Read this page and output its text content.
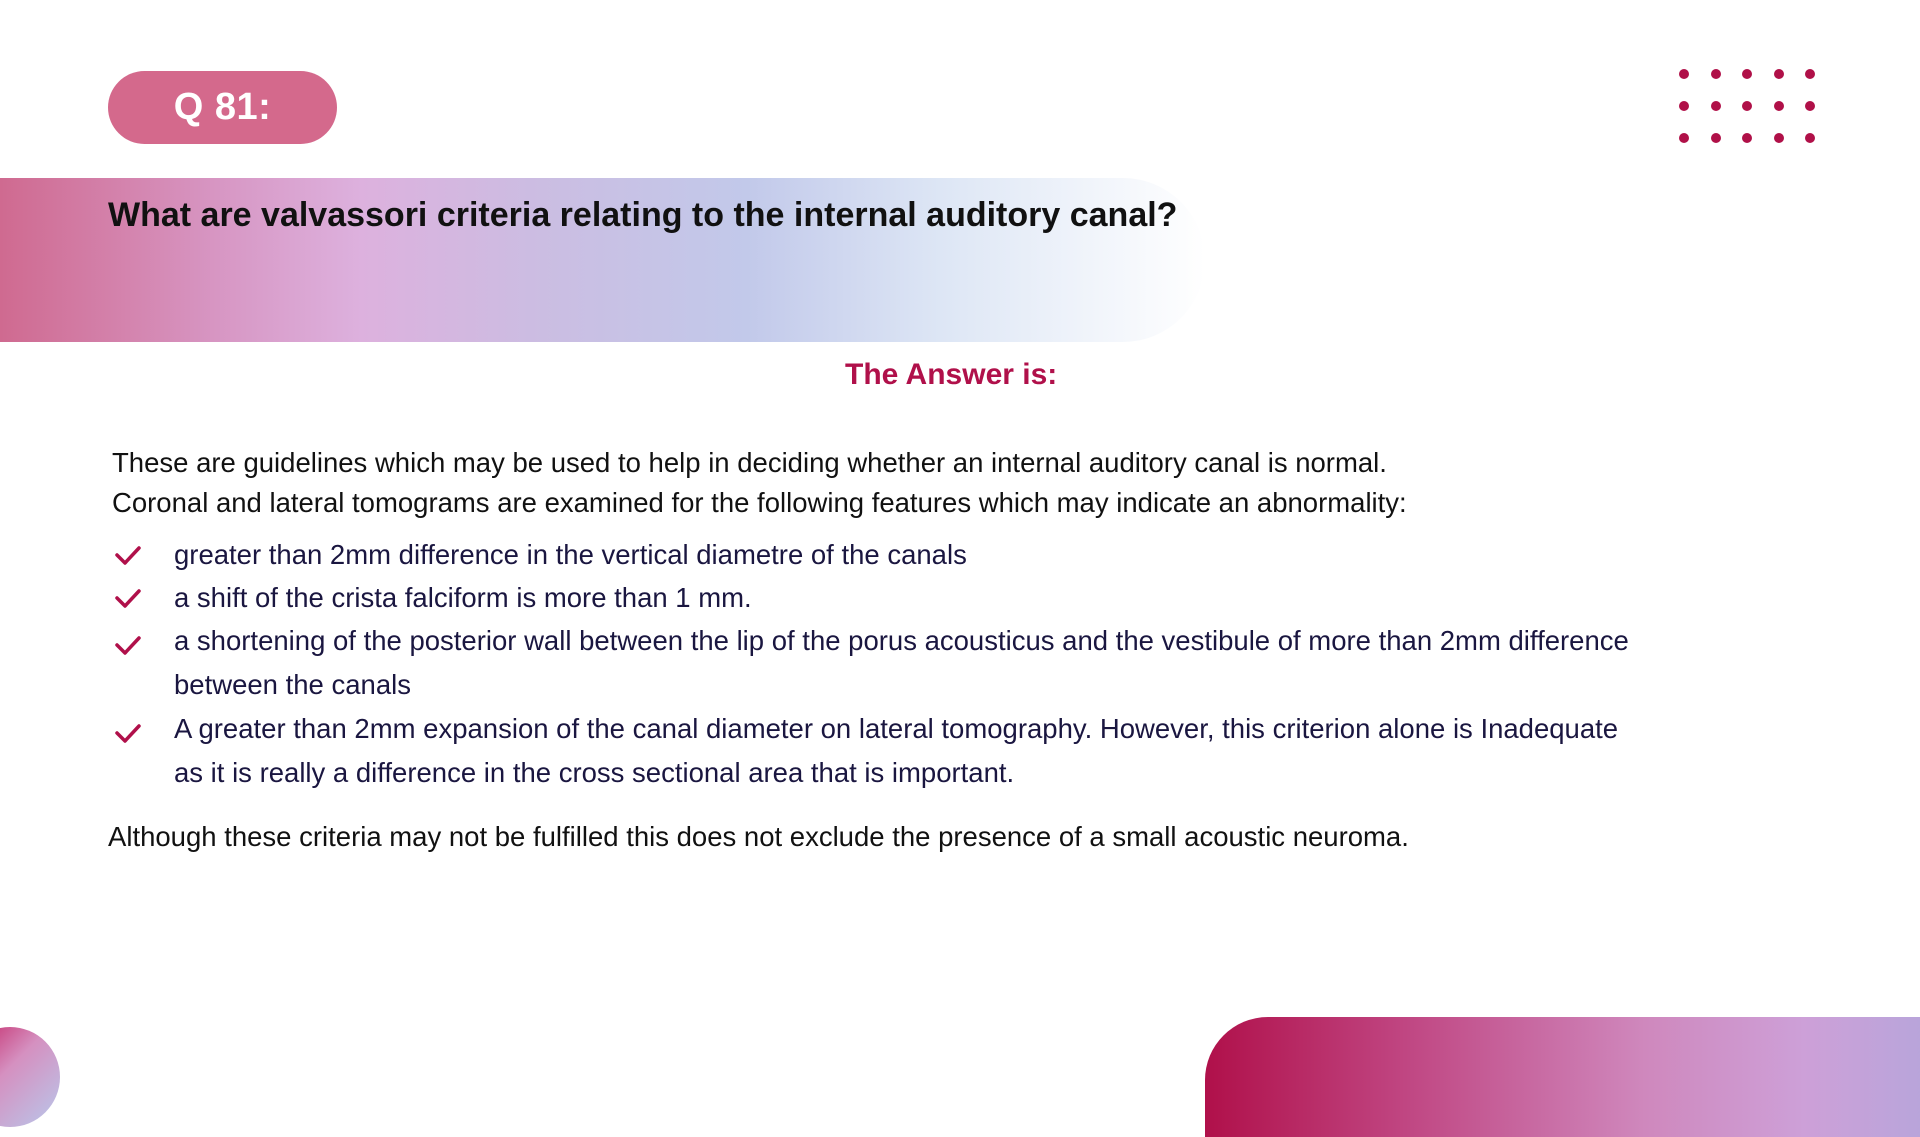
Q 81:
What are valvassori criteria relating to the internal auditory canal?
The Answer is:

These are guidelines which may be used to help in deciding whether an internal auditory canal is normal.

Coronal and lateral tomograms are examined for the following features which may indicate an abnormality:

greater than 2mm difference in the vertical diametre of the canals
a shift of the crista falciform is more than 1 mm.
a shortening of the posterior wall between the lip of the porus acousticus and the vestibule of more than 2mm difference between the canals
A greater than 2mm expansion of the canal diameter on lateral tomography. However, this criterion alone is Inadequate as it is really a difference in the cross sectional area that is important.
Although these criteria may not be fulfilled this does not exclude the presence of a small acoustic neuroma.
